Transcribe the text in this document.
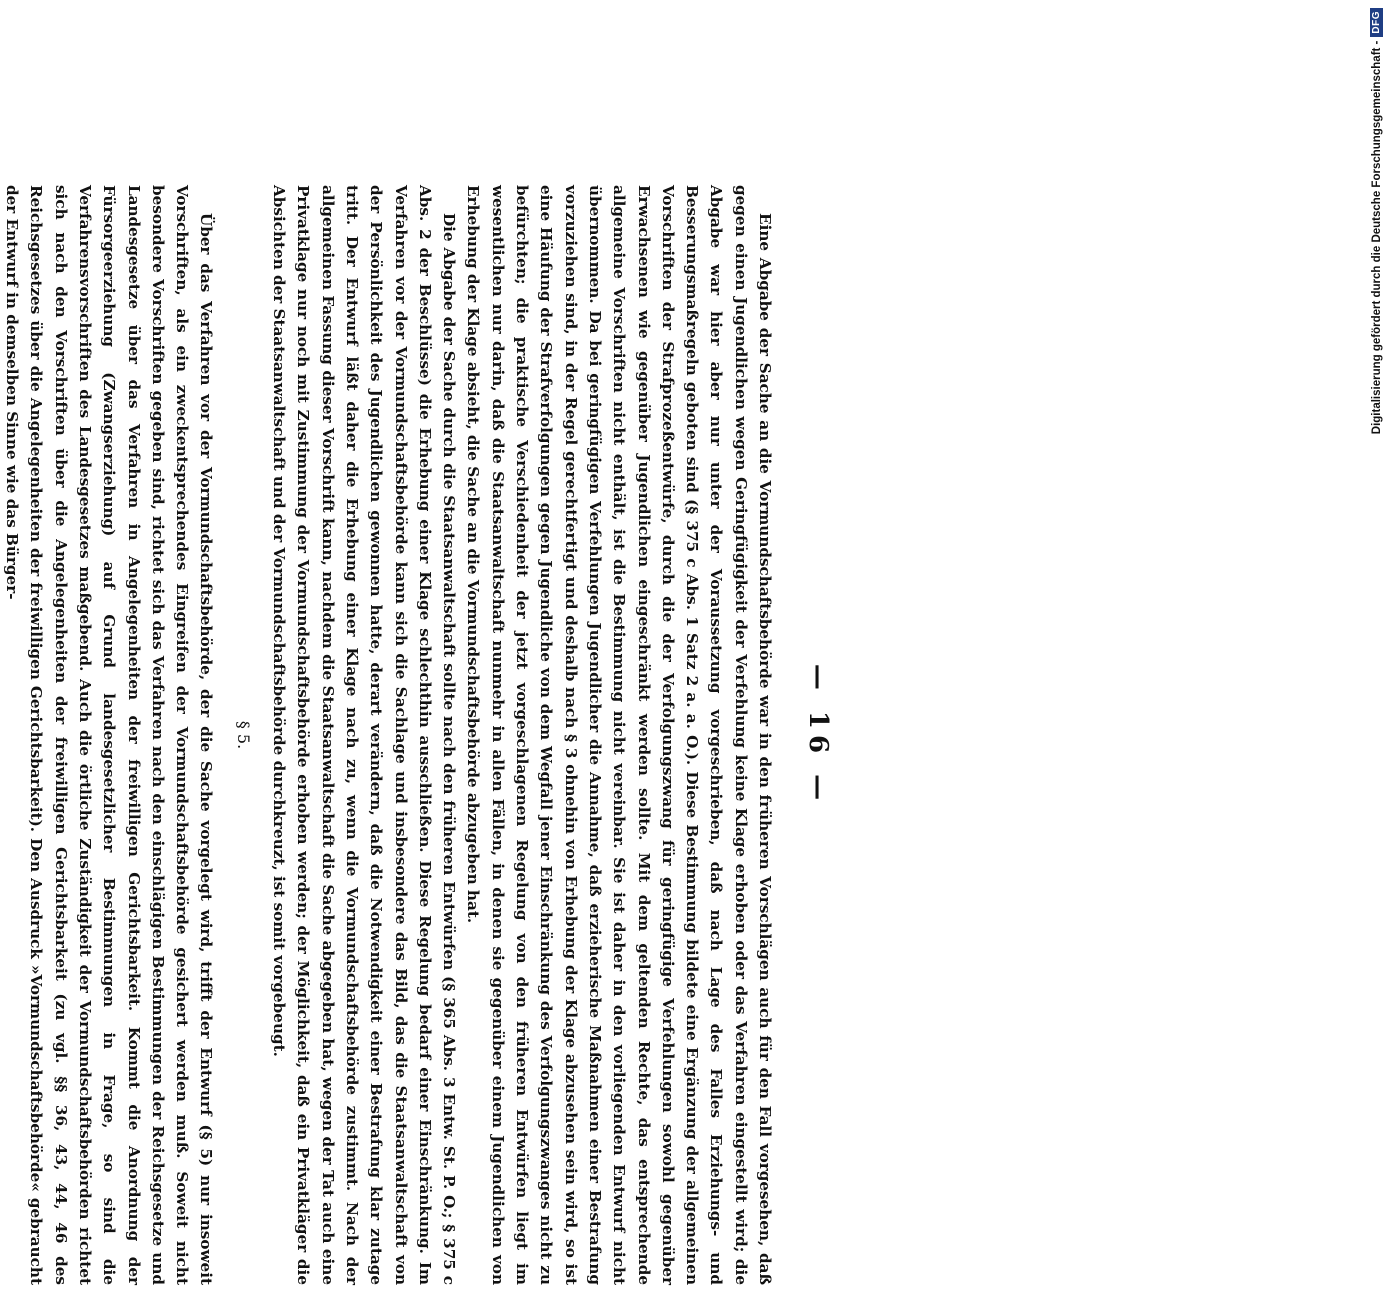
— 16 —

Eine Abgabe der Sache an die Vormundschaftsbehörde war in den früheren Vorschlägen auch für den Fall vorgesehen, daß gegen einen Jugendlichen wegen Geringfügigkeit der Verfehlung keine Klage erhoben oder das Verfahren eingestellt wird; die Abgabe war hier aber nur unter der Voraussetzung vorgeschrieben, daß nach Lage des Falles Erziehungs- und Besserungsmaßregeln geboten sind (§ 375 c Abs. 1 Satz 2 a. a. O.). Diese Bestimmung bildete eine Ergänzung der allgemeinen Vorschriften der Strafprozeßentwürfe, durch die der Verfolgungszwang für geringfügige Verfehlungen sowohl gegenüber Erwachsenen wie gegenüber Jugendlichen eingeschränkt werden sollte. Mit dem geltenden Rechte, das entsprechende allgemeine Vorschriften nicht enthält, ist die Bestimmung nicht vereinbar. Sie ist daher in den vorliegenden Entwurf nicht übernommen. Da bei geringfügigen Verfehlungen Jugendlicher die Annahme, daß erzieherische Maßnahmen einer Bestrafung vorzuziehen sind, in der Regel gerechtfertigt und deshalb nach § 3 ohnehin von Erhebung der Klage abzusehen sein wird, so ist eine Häufung der Strafverfolgungen gegen Jugendliche von dem Wegfall jener Einschränkung des Verfolgungszwanges nicht zu befürchten; die praktische Verschiedenheit der jetzt vorgeschlagenen Regelung von den früheren Entwürfen liegt im wesentlichen nur darin, daß die Staatsanwaltschaft nunmehr in allen Fällen, in denen sie gegenüber einem Jugendlichen von Erhebung der Klage absieht, die Sache an die Vormundschaftsbehörde abzugeben hat.

Die Abgabe der Sache durch die Staatsanwaltschaft sollte nach den früheren Entwürfen (§ 365 Abs. 3 Entw. St. P. O.; § 375 c Abs. 2 der Beschlüsse) die Erhebung einer Klage schlechthin ausschließen. Diese Regelung bedarf einer Einschränkung. Im Verfahren vor der Vormundschaftsbehörde kann sich die Sachlage und insbesondere das Bild, das die Staatsanwaltschaft von der Persönlichkeit des Jugendlichen gewonnen hatte, derart verändern, daß die Notwendigkeit einer Bestrafung klar zutage tritt. Der Entwurf läßt daher die Erhebung einer Klage nach zu, wenn die Vormundschaftsbehörde zustimmt. Nach der allgemeinen Fassung dieser Vorschrift kann, nachdem die Staatsanwaltschaft die Sache abgegeben hat, wegen der Tat auch eine Privatklage nur noch mit Zustimmung der Vormundschaftsbehörde erhoben werden; der Möglichkeit, daß ein Privatkläger die Absichten der Staatsanwaltschaft und der Vormundschaftsbehörde durchkreuzt, ist somit vorgebeugt.

§ 5.

Über das Verfahren vor der Vormundschaftsbehörde, der die Sache vorgelegt wird, trifft der Entwurf (§ 5) nur insoweit Vorschriften, als ein zweckentsprechendes Eingreifen der Vormundschaftsbehörde gesichert werden muß. Soweit nicht besondere Vorschriften gegeben sind, richtet sich das Verfahren nach den einschlägigen Bestimmungen der Reichsgesetze und Landesgesetze über das Verfahren in Angelegenheiten der freiwilligen Gerichtsbarkeit. Kommt die Anordnung der Fürsorgeerziehung (Zwangserziehung) auf Grund landesgesetzlicher Bestimmungen in Frage, so sind die Verfahrensvorschriften des Landesgesetzes maßgebend. Auch die örtliche Zuständigkeit der Vormundschaftsbehörden richtet sich nach den Vorschriften über die Angelegenheiten der freiwilligen Gerichtsbarkeit (zu vgl. §§ 36, 43, 44, 46 des Reichsgesetzes über die Angelegenheiten der freiwilligen Gerichtsbarkeit). Den Ausdruck »Vormundschaftsbehörde« gebraucht der Entwurf in demselben Sinne wie das Bürger-	Digitalisierung gefördert durch die Deutsche Forschungsgemeinschaft -
DFG
